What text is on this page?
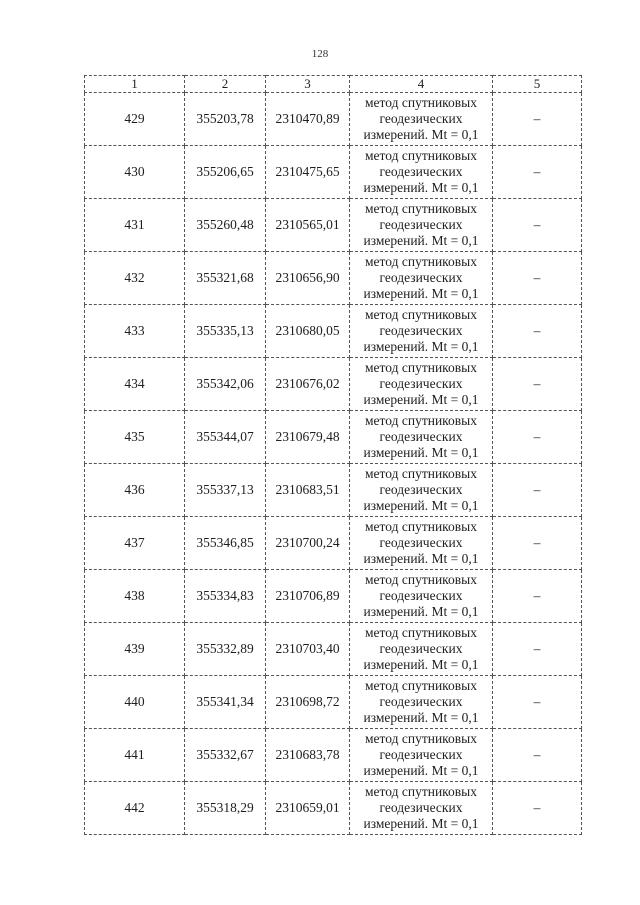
128
1	2	3	4	5
429	355203,78	2310470,89	метод спутниковых
геодезических
измерений. Mt = 0,1	–
430	355206,65	2310475,65	метод спутниковых
геодезических
измерений. Mt = 0,1	–
431	355260,48	2310565,01	метод спутниковых
геодезических
измерений. Mt = 0,1	–
432	355321,68	2310656,90	метод спутниковых
геодезических
измерений. Mt = 0,1	–
433	355335,13	2310680,05	метод спутниковых
геодезических
измерений. Mt = 0,1	–
434	355342,06	2310676,02	метод спутниковых
геодезических
измерений. Mt = 0,1	–
435	355344,07	2310679,48	метод спутниковых
геодезических
измерений. Mt = 0,1	–
436	355337,13	2310683,51	метод спутниковых
геодезических
измерений. Mt = 0,1	–
437	355346,85	2310700,24	метод спутниковых
геодезических
измерений. Mt = 0,1	–
438	355334,83	2310706,89	метод спутниковых
геодезических
измерений. Mt = 0,1	–
439	355332,89	2310703,40	метод спутниковых
геодезических
измерений. Mt = 0,1	–
440	355341,34	2310698,72	метод спутниковых
геодезических
измерений. Mt = 0,1	–
441	355332,67	2310683,78	метод спутниковых
геодезических
измерений. Mt = 0,1	–
442	355318,29	2310659,01	метод спутниковых
геодезических
измерений. Mt = 0,1	–
